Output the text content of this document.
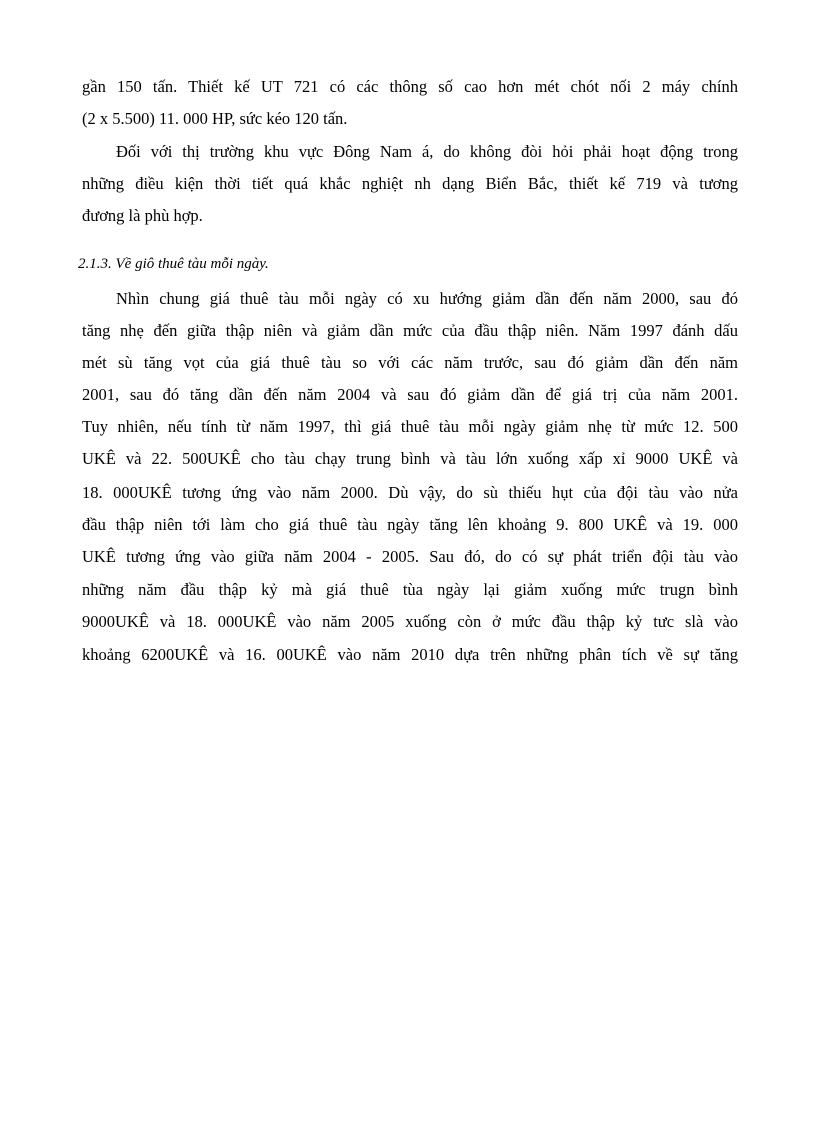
gần 150 tấn. Thiết kế UT 721 có các thông số cao hơn mét chót nối 2 máy chính
(2 x 5.500) 11. 000 HP, sức kéo 120 tấn.
Đối với thị trường khu vực Đông Nam á, do không đòi hỏi phải hoạt động trong
những điều kiện thời tiết quá khắc nghiệt nh dạng Biển Bắc, thiết kế 719 và tương
đương là phù hợp.
2.1.3. Về giô thuê tàu mỗi ngày.
Nhìn chung giá thuê tàu mỗi ngày có xu hướng giảm dần đến năm 2000, sau đó
tăng nhẹ đến giữa thập niên và giảm dần mức của đầu thập niên. Năm 1997 đánh dấu
mét sù tăng vọt của giá thuê tàu so với các năm trước, sau đó giảm dần đến năm
2001, sau đó tăng dần đến năm 2004 và sau đó giảm dần để giá trị của năm 2001.
Tuy nhiên, nếu tính từ năm 1997, thì giá thuê tàu mỗi ngày giảm nhẹ từ mức 12. 500
UKÊ và 22. 500UKÊ cho tàu chạy trung bình và tàu lớn xuống xấp xỉ 9000 UKÊ và
18. 000UKÊ tương ứng vào năm 2000. Dù vậy, do sù thiếu hụt của đội tàu vào nửa
đầu thập niên tới làm cho giá thuê tàu ngày tăng lên khoảng 9. 800 UKÊ và 19. 000
UKÊ tương ứng vào giữa năm 2004 - 2005. Sau đó, do có sự phát triển đội tàu vào
những năm đầu thập kỷ mà giá thuê tùa ngày lại giảm xuống mức trugn bình
9000UKÊ và 18. 000UKÊ vào năm 2005 xuống còn ở mức đầu thập kỷ tưc slà vào
khoảng 6200UKÊ và 16. 00UKÊ vào năm 2010 dựa trên những phân tích về sự tăng
